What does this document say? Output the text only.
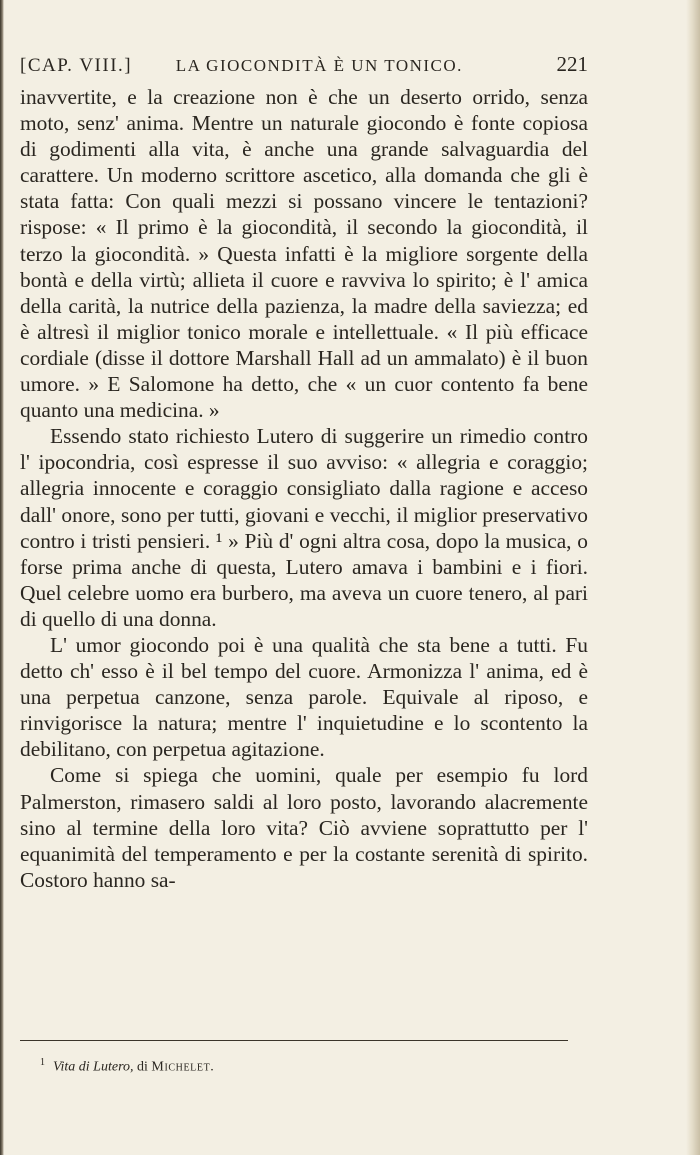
[CAP. VIII.]	LA GIOCONDITÀ È UN TONICO.	221

inavvertite, e la creazione non è che un deserto orrido, senza moto, senz' anima. Mentre un naturale giocondo è fonte copiosa di godimenti alla vita, è anche una grande salvaguardia del carattere. Un moderno scrittore ascetico, alla domanda che gli è stata fatta: Con quali mezzi si possano vincere le tentazioni? rispose: « Il primo è la giocondità, il secondo la giocondità, il terzo la giocondità. » Questa infatti è la migliore sorgente della bontà e della virtù; allieta il cuore e ravviva lo spirito; è l' amica della carità, la nutrice della pazienza, la madre della saviezza; ed è altresì il miglior tonico morale e intellettuale. « Il più efficace cordiale (disse il dottore Marshall Hall ad un ammalato) è il buon umore. » E Salomone ha detto, che « un cuor contento fa bene quanto una medicina. »

Essendo stato richiesto Lutero di suggerire un rimedio contro l' ipocondria, così espresse il suo avviso: « allegria e coraggio; allegria innocente e coraggio consigliato dalla ragione e acceso dall' onore, sono per tutti, giovani e vecchi, il miglior preservativo contro i tristi pensieri. ¹ » Più d' ogni altra cosa, dopo la musica, o forse prima anche di questa, Lutero amava i bambini e i fiori. Quel celebre uomo era burbero, ma aveva un cuore tenero, al pari di quello di una donna.

L' umor giocondo poi è una qualità che sta bene a tutti. Fu detto ch' esso è il bel tempo del cuore. Armonizza l' anima, ed è una perpetua canzone, senza parole. Equivale al riposo, e rinvigorisce la natura; mentre l' inquietudine e lo scontento la debilitano, con perpetua agitazione.

Come si spiega che uomini, quale per esempio fu lord Palmerston, rimasero saldi al loro posto, lavorando alacremente sino al termine della loro vita? Ciò avviene soprattutto per l' equanimità del temperamento e per la costante serenità di spirito. Costoro hanno sa-

$^1$ Vita di Lutero, di Michelet.
